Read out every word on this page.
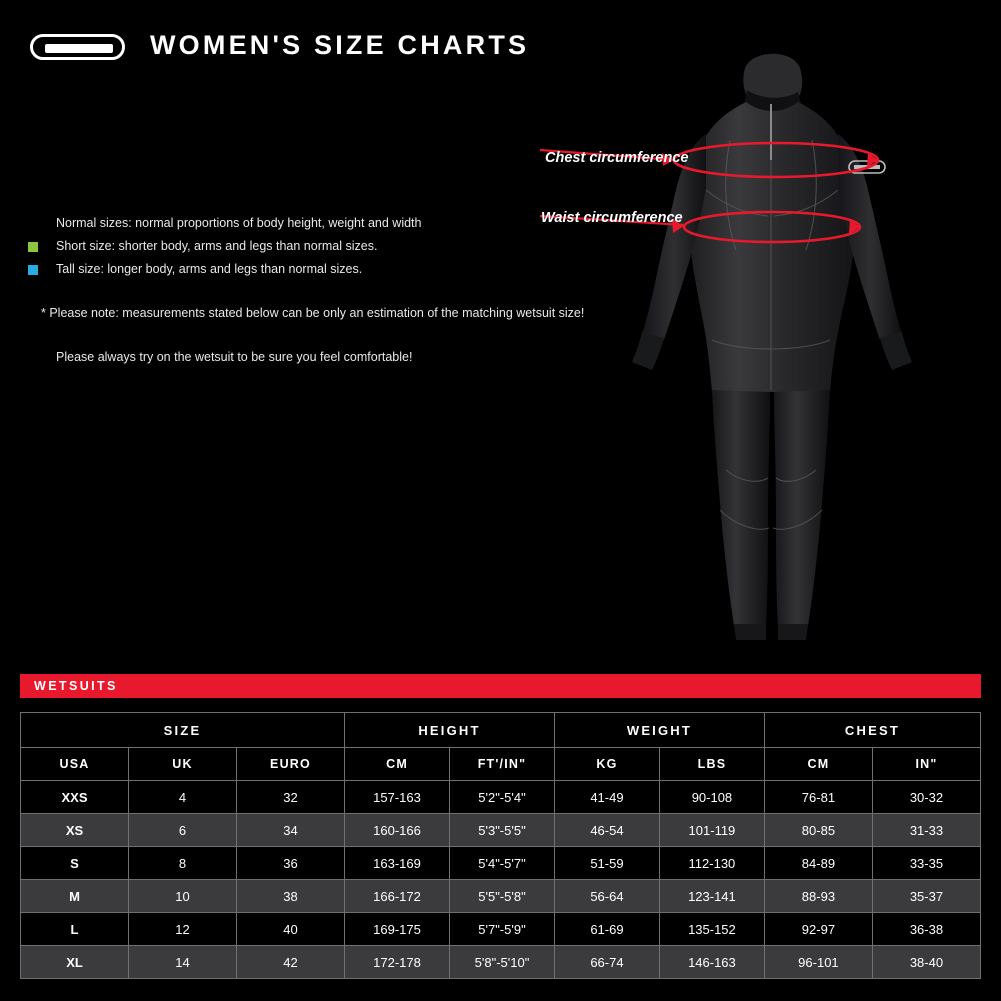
WOMEN'S SIZE CHARTS
Normal sizes: normal proportions of body height, weight and width
Short size: shorter body, arms and legs than normal sizes.
Tall size: longer body, arms and legs than normal sizes.
* Please note: measurements stated below can be only an estimation of the matching wetsuit size!
Please always try on the wetsuit to be sure you feel comfortable!
Chest circumference
Waist circumference
WETSUITS
SIZE			HEIGHT		WEIGHT		CHEST	
USA	UK	EURO	CM	FT'/IN"	KG	LBS	CM	IN"
XXS	4	32	157-163	5'2"-5'4"	41-49	90-108	76-81	30-32
XS	6	34	160-166	5'3"-5'5"	46-54	101-119	80-85	31-33
S	8	36	163-169	5'4"-5'7"	51-59	112-130	84-89	33-35
M	10	38	166-172	5'5"-5'8"	56-64	123-141	88-93	35-37
L	12	40	169-175	5'7"-5'9"	61-69	135-152	92-97	36-38
XL	14	42	172-178	5'8"-5'10"	66-74	146-163	96-101	38-40
